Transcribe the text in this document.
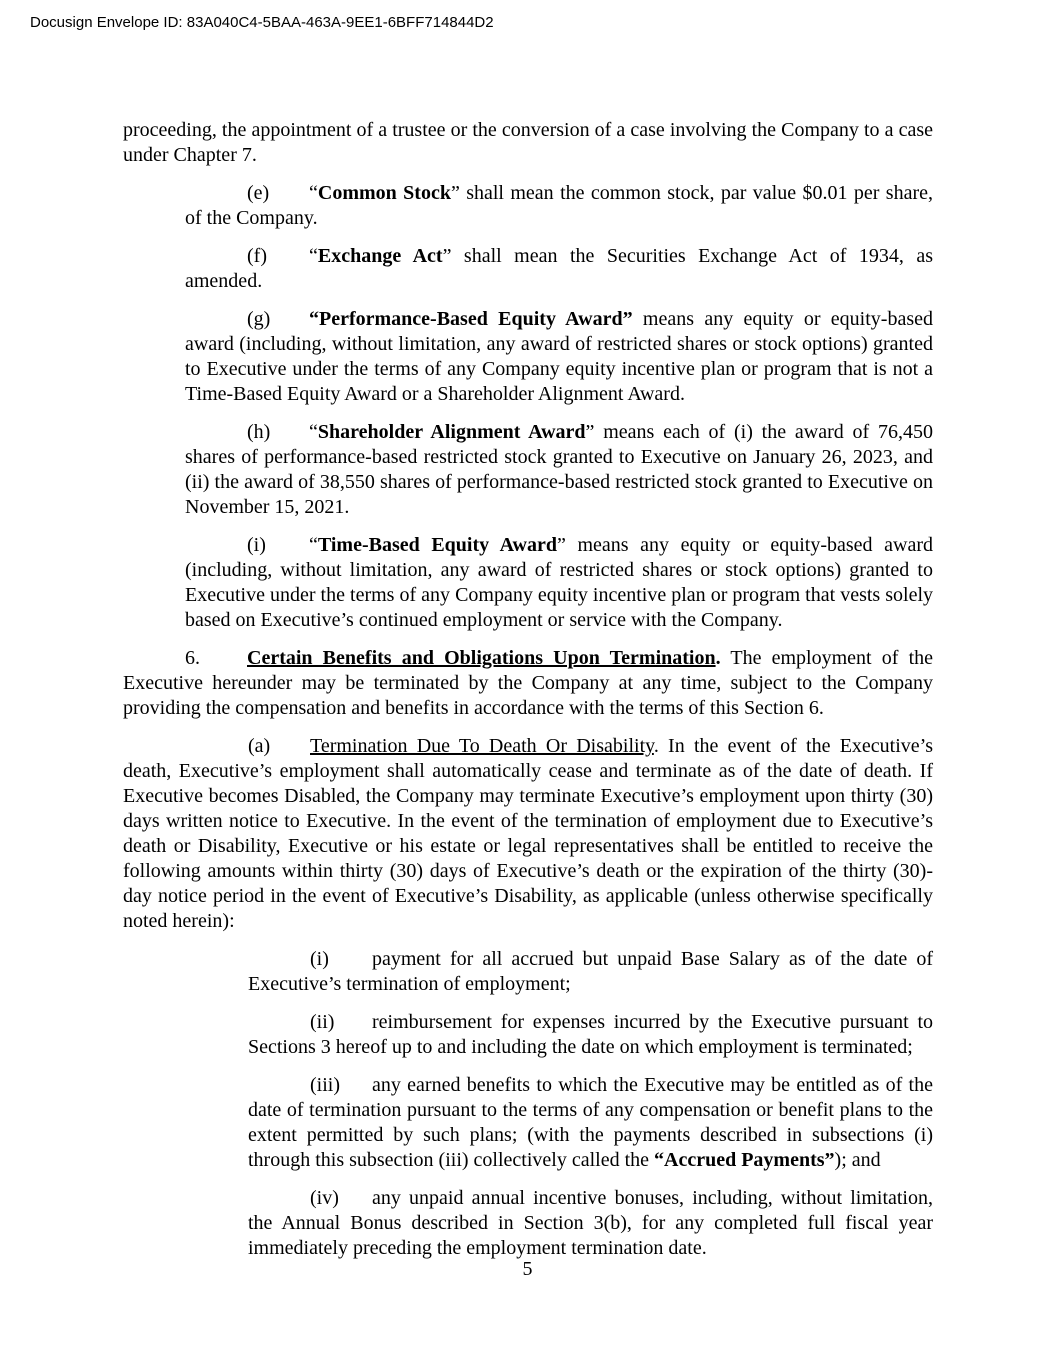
Docusign Envelope ID: 83A040C4-5BAA-463A-9EE1-6BFF714844D2

proceeding, the appointment of a trustee or the conversion of a case involving the Company to a case under Chapter 7.

(e) “Common Stock” shall mean the common stock, par value $0.01 per share, of the Company.

(f) “Exchange Act” shall mean the Securities Exchange Act of 1934, as amended.

(g) “Performance-Based Equity Award” means any equity or equity-based award (including, without limitation, any award of restricted shares or stock options) granted to Executive under the terms of any Company equity incentive plan or program that is not a Time-Based Equity Award or a Shareholder Alignment Award.

(h) “Shareholder Alignment Award” means each of (i) the award of 76,450 shares of performance-based restricted stock granted to Executive on January 26, 2023, and (ii) the award of 38,550 shares of performance-based restricted stock granted to Executive on November 15, 2021.

(i) “Time-Based Equity Award” means any equity or equity-based award (including, without limitation, any award of restricted shares or stock options) granted to Executive under the terms of any Company equity incentive plan or program that vests solely based on Executive’s continued employment or service with the Company.

6. Certain Benefits and Obligations Upon Termination. The employment of the Executive hereunder may be terminated by the Company at any time, subject to the Company providing the compensation and benefits in accordance with the terms of this Section 6.

(a) Termination Due To Death Or Disability. In the event of the Executive’s death, Executive’s employment shall automatically cease and terminate as of the date of death. If Executive becomes Disabled, the Company may terminate Executive’s employment upon thirty (30) days written notice to Executive. In the event of the termination of employment due to Executive’s death or Disability, Executive or his estate or legal representatives shall be entitled to receive the following amounts within thirty (30) days of Executive’s death or the expiration of the thirty (30)-day notice period in the event of Executive’s Disability, as applicable (unless otherwise specifically noted herein):

(i) payment for all accrued but unpaid Base Salary as of the date of Executive’s termination of employment;

(ii) reimbursement for expenses incurred by the Executive pursuant to Sections 3 hereof up to and including the date on which employment is terminated;

(iii) any earned benefits to which the Executive may be entitled as of the date of termination pursuant to the terms of any compensation or benefit plans to the extent permitted by such plans; (with the payments described in subsections (i) through this subsection (iii) collectively called the “Accrued Payments”); and

(iv) any unpaid annual incentive bonuses, including, without limitation, the Annual Bonus described in Section 3(b), for any completed full fiscal year immediately preceding the employment termination date.

5
